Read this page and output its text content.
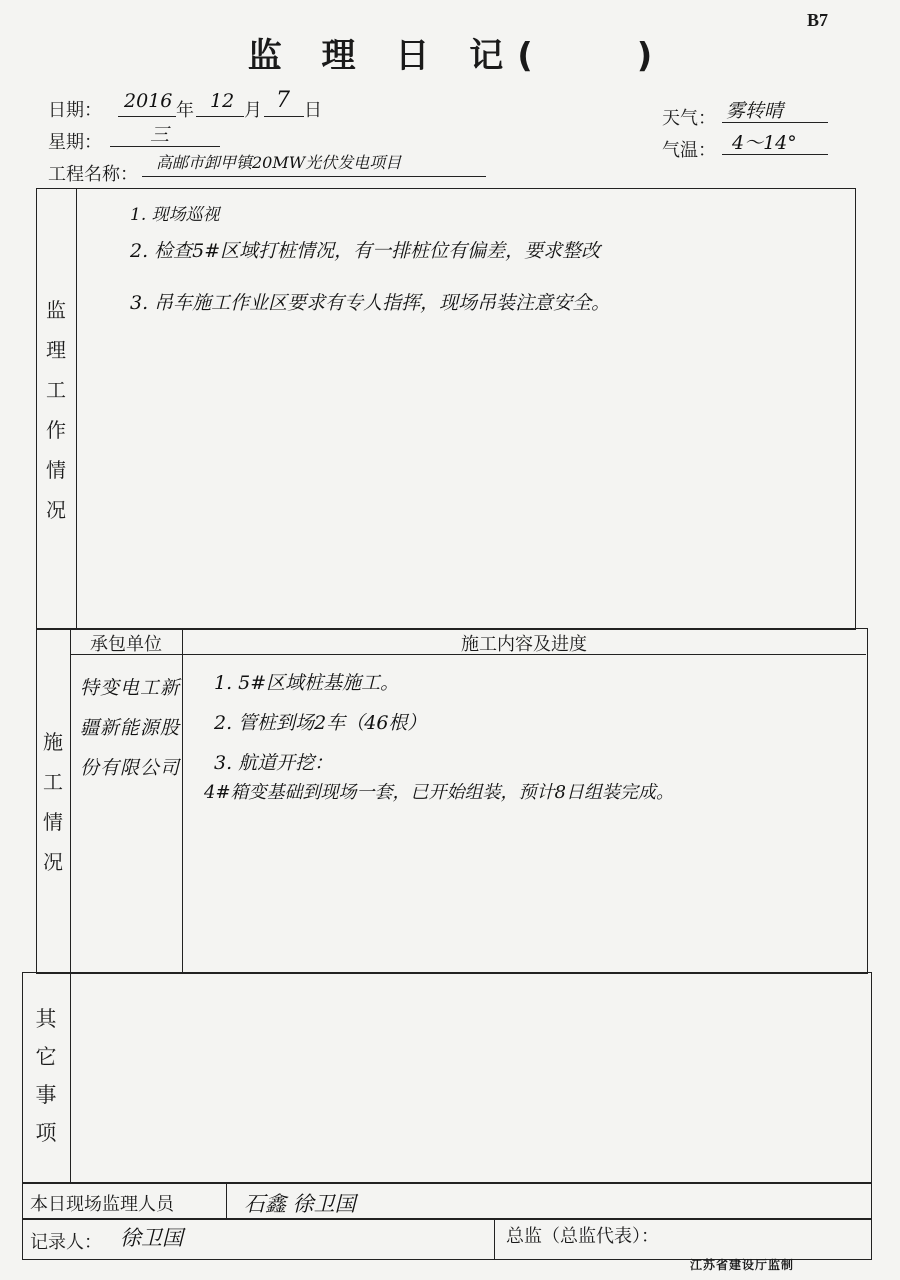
B7
监 理 日 记(	)
日期： 2016 年 12 月 7 日
星期：	三
工程名称：
高邮市卸甲镇20MW光伏发电项目
天气： 雾转晴
气温： 4～14°
监理工作情况
1. 现场巡视
2. 检查5#区域打桩情况，有一排桩位有偏差，要求整改
3. 吊车施工作业区要求有专人指挥，现场吊装注意安全。
施工情况
承包单位	施工内容及进度
特变电工新疆新能源股份有限公司
1. 5#区域桩基施工。
2. 管桩到场2车（46根）
3. 航道开挖：
4#箱变基础到现场一套，已开始组装，预计8日组装完成。
其它事项
本日现场监理人员	石鑫 徐卫国
记录人： 徐卫国	总监（总监代表）：
江苏省建设厅监制
